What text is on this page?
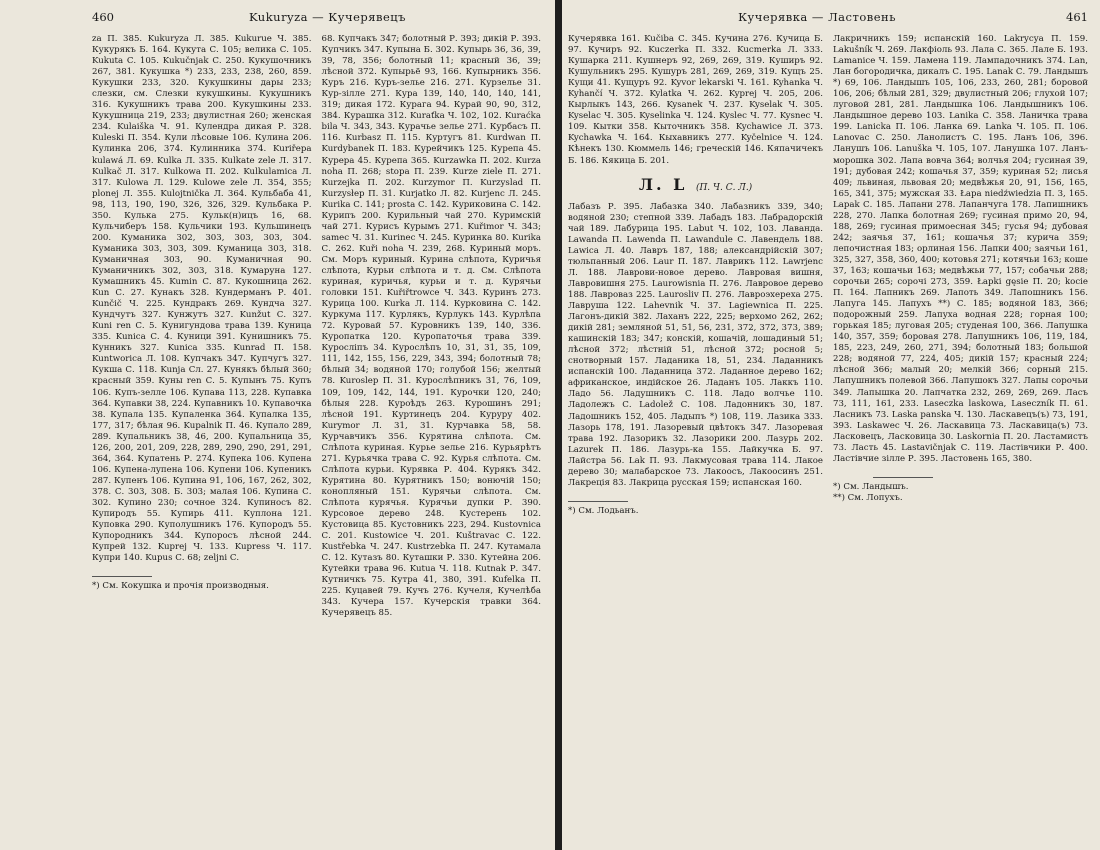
460	Kukuryza — Кучерявецъ

za П. 385. Kukuryza Л. 385. Kukurue Ч. 385. Кукурякъ Б. 164. Кукута С. 105; велика С. 105. Kukuta С. 105. Kukučnjak С. 250. Кукушочникъ 267, 381. Кукушка *) 233, 233, 238, 260, 859. Кукушки 233, 320. Кукушкины дары 233; слезки, см. Слезки кукушкины. Кукушникъ 316. Кукушникъ трава 200. Кукушкины 233. Кукушница 219, 233; двулистная 260; женская 234. Kulaiška Ч. 91. Кулендра дикая Р. 328. Kuleski П. 354. Кули лѣсовые 106. Кулина 206. Кулинка 206, 374. Кулинника 374. Kuriřepa kulawá Л. 69. Kulka Л. 335. Kulkate zele Л. 317. Kulkač Л. 317. Kulkowa П. 202. Kulkulamica Л. 317. Kulowa Л. 129. Kulowe zele Л. 354, 355; plonej Л. 355. Kulojtnička Л. 364. Кульбаба 41, 98, 113, 190, 190, 326, 326, 329. Кульбака Р. 350. Кулька 275. Кульк(н)ицъ 16, 68. Кульчиберъ 158. Кульчики 193. Кульшинецъ 200. Куманика 302, 303, 303, 303, 304. Куманика 303, 303, 309. Куманица 303, 318. Куманичная 303, 90. Куманичная 90. Куманичникъ 302, 303, 318. Кумаруна 127. Кумашникъ 45. Kumin С. 87. Кукошница 262. Kun С. 27. Кунакъ 328. Кундерманъ Р. 401. Kunčič Ч. 225. Кундракъ 269. Кундча 327. Кундчутъ 327. Кунжутъ 327. Kunžut С. 327. Kuni ren С. 5. Кунигундова трава 139. Куница 335. Kunica С. 4. Куници 391. Кунишникъ 75. Кунникъ 327. Kunica 335. Kunrad П. 158. Kuntworica Л. 108. Купчакъ 347. Купчугъ 327. Кукша С. 118. Kunja Сл. 27. Кунякъ бѣлый 360; красный 359. Куны ren С. 5. Купынъ 75. Купъ 106. Купъ-зелле 106. Купава 113, 228. Купавка 364. Купавки 38, 224. Купавникъ 10. Купавочка 38. Купала 135. Купаленка 364. Купалка 135, 177, 317; бѣлая 96. Kupalnik П. 46. Купало 289, 289. Купальникъ 38, 46, 200. Купальница 35, 126, 200, 201, 209, 228, 289, 290, 290, 291, 291, 364, 364. Купатень Р. 274. Купека 106. Купена 106. Купена-лупена 106. Купени 106. Купеникъ 287. Купенъ 106. Купина 91, 106, 167, 262, 302, 378. С. 303, 308. Б. 303; малая 106. Купина С. 302. Купино 230; сочное 324. Купиносъ 82. Купиродъ 55. Купирь 411. Куплона 121. Куповка 290. Куполушникъ 176. Купородъ 55. Купородникъ 344. Купоросъ лѣсной 244. Купрей 132. Kuprej Ч. 133. Kupress Ч. 117. Купри 140. Kupus С. 68; zeljni С.

*) См. Кокушка и прочія производныя.

68. Купчакъ 347; болотный Р. 393; дикій Р. 393. Купчикъ 347. Купына Б. 302. Купырь 36, 36, 39, 39, 78, 356; болотный 11; красный 36, 39; лѣсной 372. Купырьё 93, 166. Купырникъ 356. Куръ 216. Куръ-зелье 216. 271. Курзелье 31. Кур-зілле 271. Кура 139, 140, 140, 140, 141, 319; дикая 172. Курага 94. Курай 90, 90, 312, 384. Курашка 312. Kuraťka Ч. 102, 102. Kuraćka bila Ч. 343, 343. Курачье зелье 271. Курбасъ П. 116. Kurbasz П. 115. Куртугъ 81. Kurdwan П. Kurdybanek П. 183. Курейчикъ 125. Курепа 45. Курера 45. Курепа 365. Kurzawka П. 202. Kurza noha П. 268; stopa П. 239. Kurze ziele П. 271. Kurzejka П. 202. Kurzymor П. Kurzyslad П. Kurzysłep П. 31. Kurjatko Л. 82. Kurjenc Л. 245. Kurika С. 141; prosta С. 142. Куриковина С. 142. Курипъ 200. Курильный чай 270. Куримскій чай 271. Курисъ Курымъ 271. Kuřimor Ч. 343; samec Ч. 31. Kurinec Ч. 245. Куринка 80. Kurika С. 262. Kuři noha Ч. 239, 268. Куриный моръ. См. Моръ куриный. Курина слѣпота, Куричья слѣпота, Курьи слѣпота и т. д. См. Слѣпота куриная, куричья, курьи и т. д. Курячьи головки 151. Kuřiřtrowce Ч. 343. Куринъ 273. Курица 100. Kurka Л. 114. Курковина С. 142. Куркума 117. Курлякъ, Курлукъ 143. Курлѣпа 72. Куровай 57. Куровникъ 139, 140, 336. Куропатка 120. Куропаточья трава 339. Куросліпъ 34. Курослѣпъ 10, 31, 31, 35, 109, 111, 142, 155, 156, 229, 343, 394; болотный 78; бѣлый 34; водяной 170; голубой 156; желтый 78. Kuroslep П. 31. Курослѣпникъ 31, 76, 109, 109, 109, 142, 144, 191. Курочки 120, 240; бѣлыя 228. Куроѣдъ 263. Курошинъ 291; лѣсной 191. Куртинецъ 204. Куруру 402. Kurymor Л. 31, 31. Курчавка 58, 58. Курчавчикъ 356. Курятина слѣпота. См. Слѣпота куриная. Курье зелье 216. Курьярѣтъ 271. Курьячка трава С. 92. Курья слѣпота. См. Слѣпота курьи. Курявка Р. 404. Курякъ 342. Курятина 80. Курятникъ 150; вонючій 150; конопляный 151. Курячьи слѣпота. См. Слѣпота курячья. Курячьи дупки Р. 390. Курсовое дерево 248. Кустерень 102. Кустовица 85. Кустовникъ 223, 294. Kustovnica С. 201. Kustowicе Ч. 201. Kuštravac С. 122. Kustřebka Ч. 247. Kustrzebka П. 247. Кутамала С. 12. Кутазъ 80. Куташки Р. 330. Кутейна 206. Кутейки трава 96. Kutua Ч. 118. Kutnak Р. 347. Кутничкъ 75. Кутра 41, 380, 391. Kufelka П. 225. Куцавей 79. Кучъ 276. Кучеля, Кучелѣба 343. Кучера 157. Кучерскія травки 364. Кучерявецъ 85.

Кучерявка — Ластовень	461

Кучерявка 161. Kučiba С. 345. Кучина 276. Кучица Б. 97. Кучиръ 92. Kuczerka П. 332. Kucmerka Л. 333. Кушарка 211. Кушнеръ 92, 269, 269, 319. Куширъ 92. Кушульникъ 295. Кушуръ 281, 269, 269, 319. Кущъ 25. Кущи 41. Кущуръ 92. Kyvor lekarski Ч. 161. Kyhanka Ч. Kyhančí Ч. 372. Kylatka Ч. 262. Kyprej Ч. 205, 206. Кырлыкъ 143, 266. Kysanek Ч. 237. Kyselak Ч. 305. Kyselac Ч. 305. Kyselinka Ч. 124. Kyslec Ч. 77. Kysnec Ч. 109. Кытки 358. Кыточникъ 358. Kychawice Л. 373. Kychawka Ч. 164. Кыхавникъ 277. Kyčelnice Ч. 124. Кѣнекъ 130. Кюммель 146; греческій 146. Кяпачичекъ Б. 186. Кякица Б. 201.

Л. L (П. Ч. С. Л.)

Лабазъ Р. 395. Лабазка 340. Лабазникъ 339, 340; водяной 230; степной 339. Лабадъ 183. Лабрадорскій чай 189. Лабурица 195. Labut Ч. 102, 103. Лаванда. Lawanda П. Lawenda П. Lawandule С. Лавендель 188. Lawica Л. 40. Лавръ 187, 188; александрійскій 307; тюльпанный 206. Laur П. 187. Лаврикъ 112. Lawrjenc Л. 188. Лаврови-новое дерево. Лавровая вишня, Лавровишня 275. Laurowisnia П. 276. Лавровое дерево 188. Лавроваз 225. Laurosliv П. 276. Лавроэхереха 275. Лавруша 122. Lahevnik Ч. 37. Lagiewnica П. 225. Лагонъ-дикій 382. Лаханъ 222, 225; верхомо 262, 262; дикій 281; земляной 51, 51, 56, 231, 372, 372, 373, 389; кашинскій 183; 347; конскій, кошачій, лошадиный 51; лѣсной 372; лѣстній 51, лѣсной 372; росной 5; снотворный 157. Ладаника 18, 51, 234. Ладанникъ испанскій 100. Ладанница 372. Ладанное дерево 162; африканское, индійское 26. Ладанъ 105. Лаккъ 110. Ладо 56. Ладушникъ С. 118. Ладо волчье 110. Ладолежъ С. Ladolež С. 108. Ладонникъ 30, 187. Ладошникъ 152, 405. Ладыпъ *) 108, 119. Лазика 333. Лазорь 178, 191. Лазоревый цвѣтокъ 347. Лазоревая трава 192. Лазорикъ 32. Лазорики 200. Лазурь 202. Lazurek П. 186. Лазурь-ка 155. Лайкучка Б. 97. Лайстра 56. Lak П. 93. Лакмусовая трава 114. Лакое дерево 30; малабарское 73. Лакоосъ, Лакоосинъ 251. Лакреція 83. Лакрица русская 159; испанская 160.

*) См. Лодьанъ.

Лакричникъ 159; испанскій 160. Lakrycya П. 159. Lakušník Ч. 269. Лакфіоль 93. Лала С. 365. Лале Б. 193. Lamanice Ч. 159. Ламена 119. Лампадочникъ 374. Lan, Лан богородичка, дикалъ С. 195. Lanak С. 79. Ландышъ *) 69, 106. Ландышъ 105, 106, 233, 260, 281; боровой 106, 206; бѣлый 281, 329; двулистный 206; глухой 107; луговой 281, 281. Ландышка 106. Ландышникъ 106. Ландышное дерево 103. Lanika С. 358. Ланичка трава 199. Lanicka П. 106. Ланка 69. Lanka Ч. 105. П. 106. Lanovac С. 250. Ланолистъ С. 195. Ланъ 106, 396. Ланушъ 106. Lanuška Ч. 105, 107. Ланушка 107. Ланъ-морошка 302. Лапа вовча 364; волчья 204; гусиная 39, 191; дубовая 242; кошачья 37, 359; куриная 52; лисья 409; львиная, львовая 20; медвѣжья 20, 91, 156, 165, 165, 341, 375; мужская 33. Łapa niedźwiedzia П. 3, 165. Lapak С. 185. Лапани 278. Лапанчуга 178. Лапишникъ 228, 270. Лапка болотная 269; гусиная примо 20, 94, 188, 269; гусиная примоесная 345; гусья 94; дубовая 242; заячья 37, 161; кошачья 37; курича 359; лепочистная 183; орлиная 156. Лапки 400; заячьи 161, 325, 327, 358, 360, 400; котовья 271; котячьи 163; коше 37, 163; кошачьи 163; медвѣжьи 77, 157; собачьи 288; сорочьи 265; сорочі 273, 359. Łapki gęsie П. 20; kocie П. 164. Лапникъ 269. Лапоть 349. Лапошникъ 156. Лапуга 145. Лапухъ **) С. 185; водяной 183, 366; подорожный 259. Лапуха водная 228; горная 100; горькая 185; луговая 205; студеная 100, 366. Лапушка 140, 357, 359; боровая 278. Лапушникъ 106, 119, 184, 185, 223, 249, 260, 271, 394; болотный 183; большой 228; водяной 77, 224, 405; дикій 157; красный 224; лѣсной 366; малый 20; мелкій 366; сорный 215. Лапушникъ полевой 366. Лапушокъ 327. Лапы сорочьи 349. Лапышка 20. Лапчатка 232, 269, 269, 269. Ласъ 73, 111, 161, 233. Laseczka laskowa, Laseczník П. 61. Ласникъ 73. Laska panska Ч. 130. Ласкавецъ(ъ) 73, 191, 393. Laskawec Ч. 26. Ласкавица 73. Ласкавица(ъ) 73. Ласковецъ, Ласковица 30. Laskornia П. 20. Ластамистъ 73. Ласть 45. Lastavičnjak С. 119. Ластівчики Р. 400. Ластівчие зілле Р. 395. Ластовень 165, 380.

*) См. Ландышъ.

**) См. Лопухъ.
